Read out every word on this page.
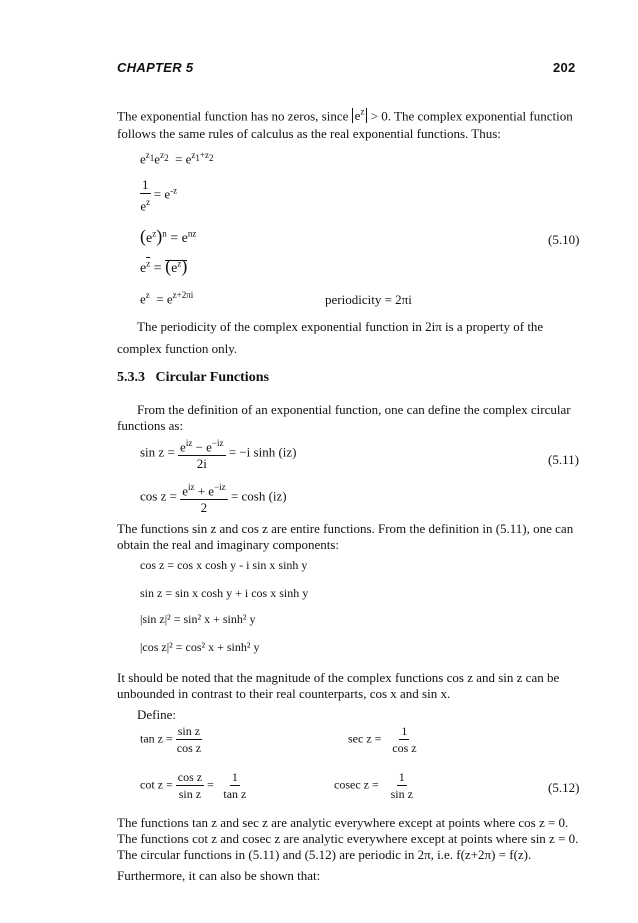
CHAPTER 5	202
The exponential function has no zeros, since $e^z > 0$. The complex exponential function
follows the same rules of calculus as the real exponential functions. Thus:
$e^{z_1}e^{z_2} = e^{z_1+z_2}$
$\frac{1}{e^z} = e^{-z}$
$(e^z)^n = e^{nz}$	(5.10)
$e^{\overline{z}} = (e^z)$
$e^z = e^{z+2\pi i}$	periodicity = 2πi
The periodicity of the complex exponential function in 2iπ is a property of the
complex function only.
5.3.3 Circular Functions
From the definition of an exponential function, one can define the complex circular
functions as:
$\sin z = \frac{e^{iz} - e^{-iz}}{2i} = -i$ sinh (iz)	(5.11)
$\cos z = \frac{e^{iz} + e^{-iz}}{2} = \cosh (iz)$
The functions sin z and cos z are entire functions. From the definition in (5.11), one can
obtain the real and imaginary components:
cos z = cos x cosh y - i sin x sinh y
sin z = sin x cosh y + i cos x sinh y
|sin z|² = sin² x + sinh² y
|cos z|² = cos² x + sinh² y
It should be noted that the magnitude of the complex functions cos z and sin z can be
unbounded in contrast to their real counterparts, cos x and sin x.
Define:
$\tan z = \frac{\text{sin z}}{\text{cos z}}$	$\sec z = \frac{1}{\text{cos z}}$
$\cot z = \frac{\text{cos z}}{\text{sin z}} = \frac{1}{\text{tan z}}$	cosec $z = \frac{1}{\text{sin z}}$	(5.12)
The functions tan z and sec z are analytic everywhere except at points where cos z = 0.
The functions cot z and cosec z are analytic everywhere except at points where sin z = 0.
The circular functions in (5.11) and (5.12) are periodic in 2π, i.e. f(z+2π) = f(z).
Furthermore, it can also be shown that:
